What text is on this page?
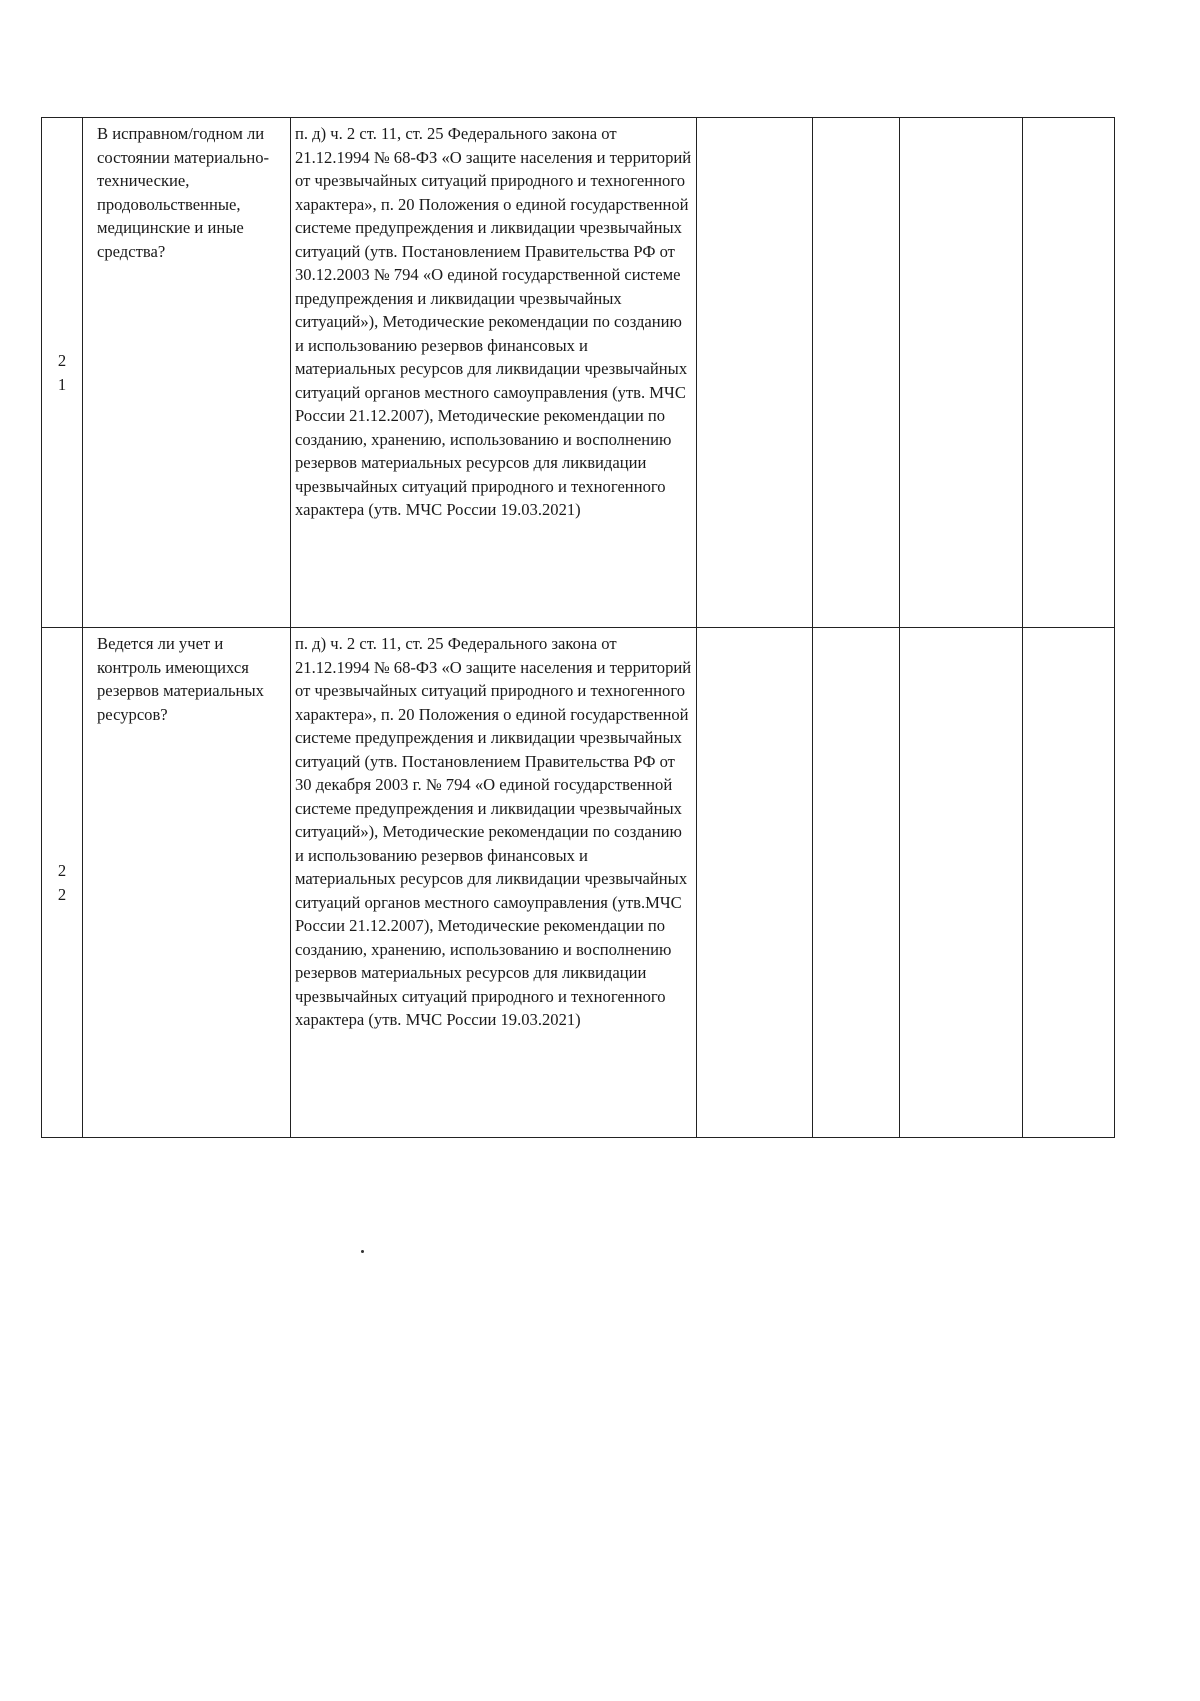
2
1	В исправном/годном ли состоянии материально-технические, продовольственные, медицинские и иные средства?	п. д) ч. 2 ст. 11, ст. 25 Федерального закона от 21.12.1994 № 68-ФЗ «О защите населения и территорий от чрезвычайных ситуаций природного и техногенного характера», п. 20 Положения о единой государственной системе предупреждения и ликвидации чрезвычайных ситуаций (утв. Постановлением Правительства РФ от 30.12.2003 № 794 «О единой государственной системе предупреждения и ликвидации чрезвычайных ситуаций»), Методические рекомендации по созданию и использованию резервов финансовых и материальных ресурсов для ликвидации чрезвычайных ситуаций органов местного самоуправления (утв. МЧС России 21.12.2007), Методические рекомендации по созданию, хранению, использованию и восполнению резервов материальных ресурсов для ликвидации чрезвычайных ситуаций природного и техногенного характера (утв. МЧС России 19.03.2021)				

2
2	Ведется ли учет и контроль имеющихся резервов материальных ресурсов?	п. д) ч. 2 ст. 11, ст. 25 Федерального закона от 21.12.1994 № 68-ФЗ «О защите населения и территорий от чрезвычайных ситуаций природного и техногенного характера», п. 20 Положения о единой государственной системе предупреждения и ликвидации чрезвычайных ситуаций (утв. Постановлением Правительства РФ от 30 декабря 2003 г. № 794 «О единой государственной системе предупреждения и ликвидации чрезвычайных ситуаций»), Методические рекомендации по созданию и использованию резервов финансовых и материальных ресурсов для ликвидации чрезвычайных ситуаций органов местного самоуправления (утв.МЧС России 21.12.2007), Методические рекомендации по созданию, хранению, использованию и восполнению резервов материальных ресурсов для ликвидации чрезвычайных ситуаций природного и техногенного характера (утв. МЧС России 19.03.2021)				
